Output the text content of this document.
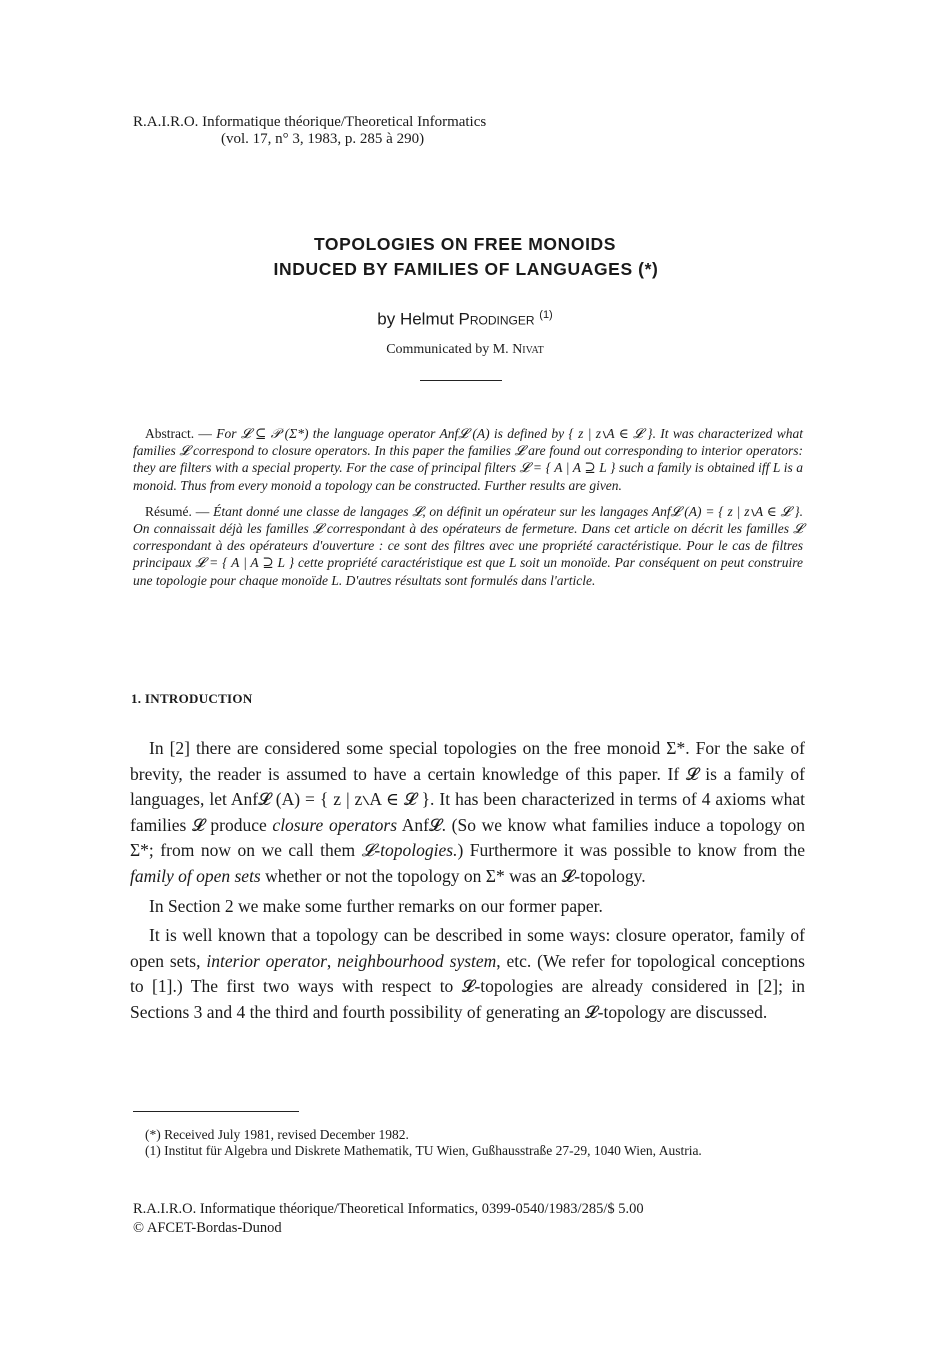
R.A.I.R.O. Informatique théorique/Theoretical Informatics
(vol. 17, n° 3, 1983, p. 285 à 290)
TOPOLOGIES ON FREE MONOIDS
INDUCED BY FAMILIES OF LANGUAGES (*)
by Helmut Prodinger $^{(1)}$
Communicated by M. Nivat

Abstract. — For 𝓛 ⊆ 𝒫 (Σ*) the language operator Anf𝓛 (A) is defined by { z | z∖A ∈ 𝓛 }. It was characterized what families 𝓛 correspond to closure operators. In this paper the families 𝓛 are found out corresponding to interior operators: they are filters with a special property. For the case of principal filters 𝓛 = { A | A ⊇ L } such a family is obtained iff L is a monoid. Thus from every monoid a topology can be constructed. Further results are given.

Résumé. — Étant donné une classe de langages 𝓛, on définit un opérateur sur les langages Anf𝓛 (A) = { z | z∖A ∈ 𝓛 }. On connaissait déjà les familles 𝓛 correspondant à des opérateurs de fermeture. Dans cet article on décrit les familles 𝓛 correspondant à des opérateurs d'ouverture : ce sont des filtres avec une propriété caractéristique. Pour le cas de filtres principaux 𝓛 = { A | A ⊇ L } cette propriété caractéristique est que L soit un monoïde. Par conséquent on peut construire une topologie pour chaque monoïde L. D'autres résultats sont formulés dans l'article.

1. INTRODUCTION

In [2] there are considered some special topologies on the free monoid Σ*. For the sake of brevity, the reader is assumed to have a certain knowledge of this paper. If 𝓛 is a family of languages, let Anf𝓛 (A) = { z | z∖A ∈ 𝓛 }. It has been characterized in terms of 4 axioms what families 𝓛 produce closure operators Anf𝓛. (So we know what families induce a topology on Σ*; from now on we call them 𝓛-topologies.) Furthermore it was possible to know from the family of open sets whether or not the topology on Σ* was an 𝓛-topology.

In Section 2 we make some further remarks on our former paper.

It is well known that a topology can be described in some ways: closure operator, family of open sets, interior operator, neighbourhood system, etc. (We refer for topological conceptions to [1].) The first two ways with respect to 𝓛-topologies are already considered in [2]; in Sections 3 and 4 the third and fourth possibility of generating an 𝓛-topology are discussed.

(*) Received July 1981, revised December 1982.

(1) Institut für Algebra und Diskrete Mathematik, TU Wien, Gußhausstraße 27-29, 1040 Wien, Austria.

R.A.I.R.O. Informatique théorique/Theoretical Informatics, 0399-0540/1983/285/$ 5.00
© AFCET-Bordas-Dunod
